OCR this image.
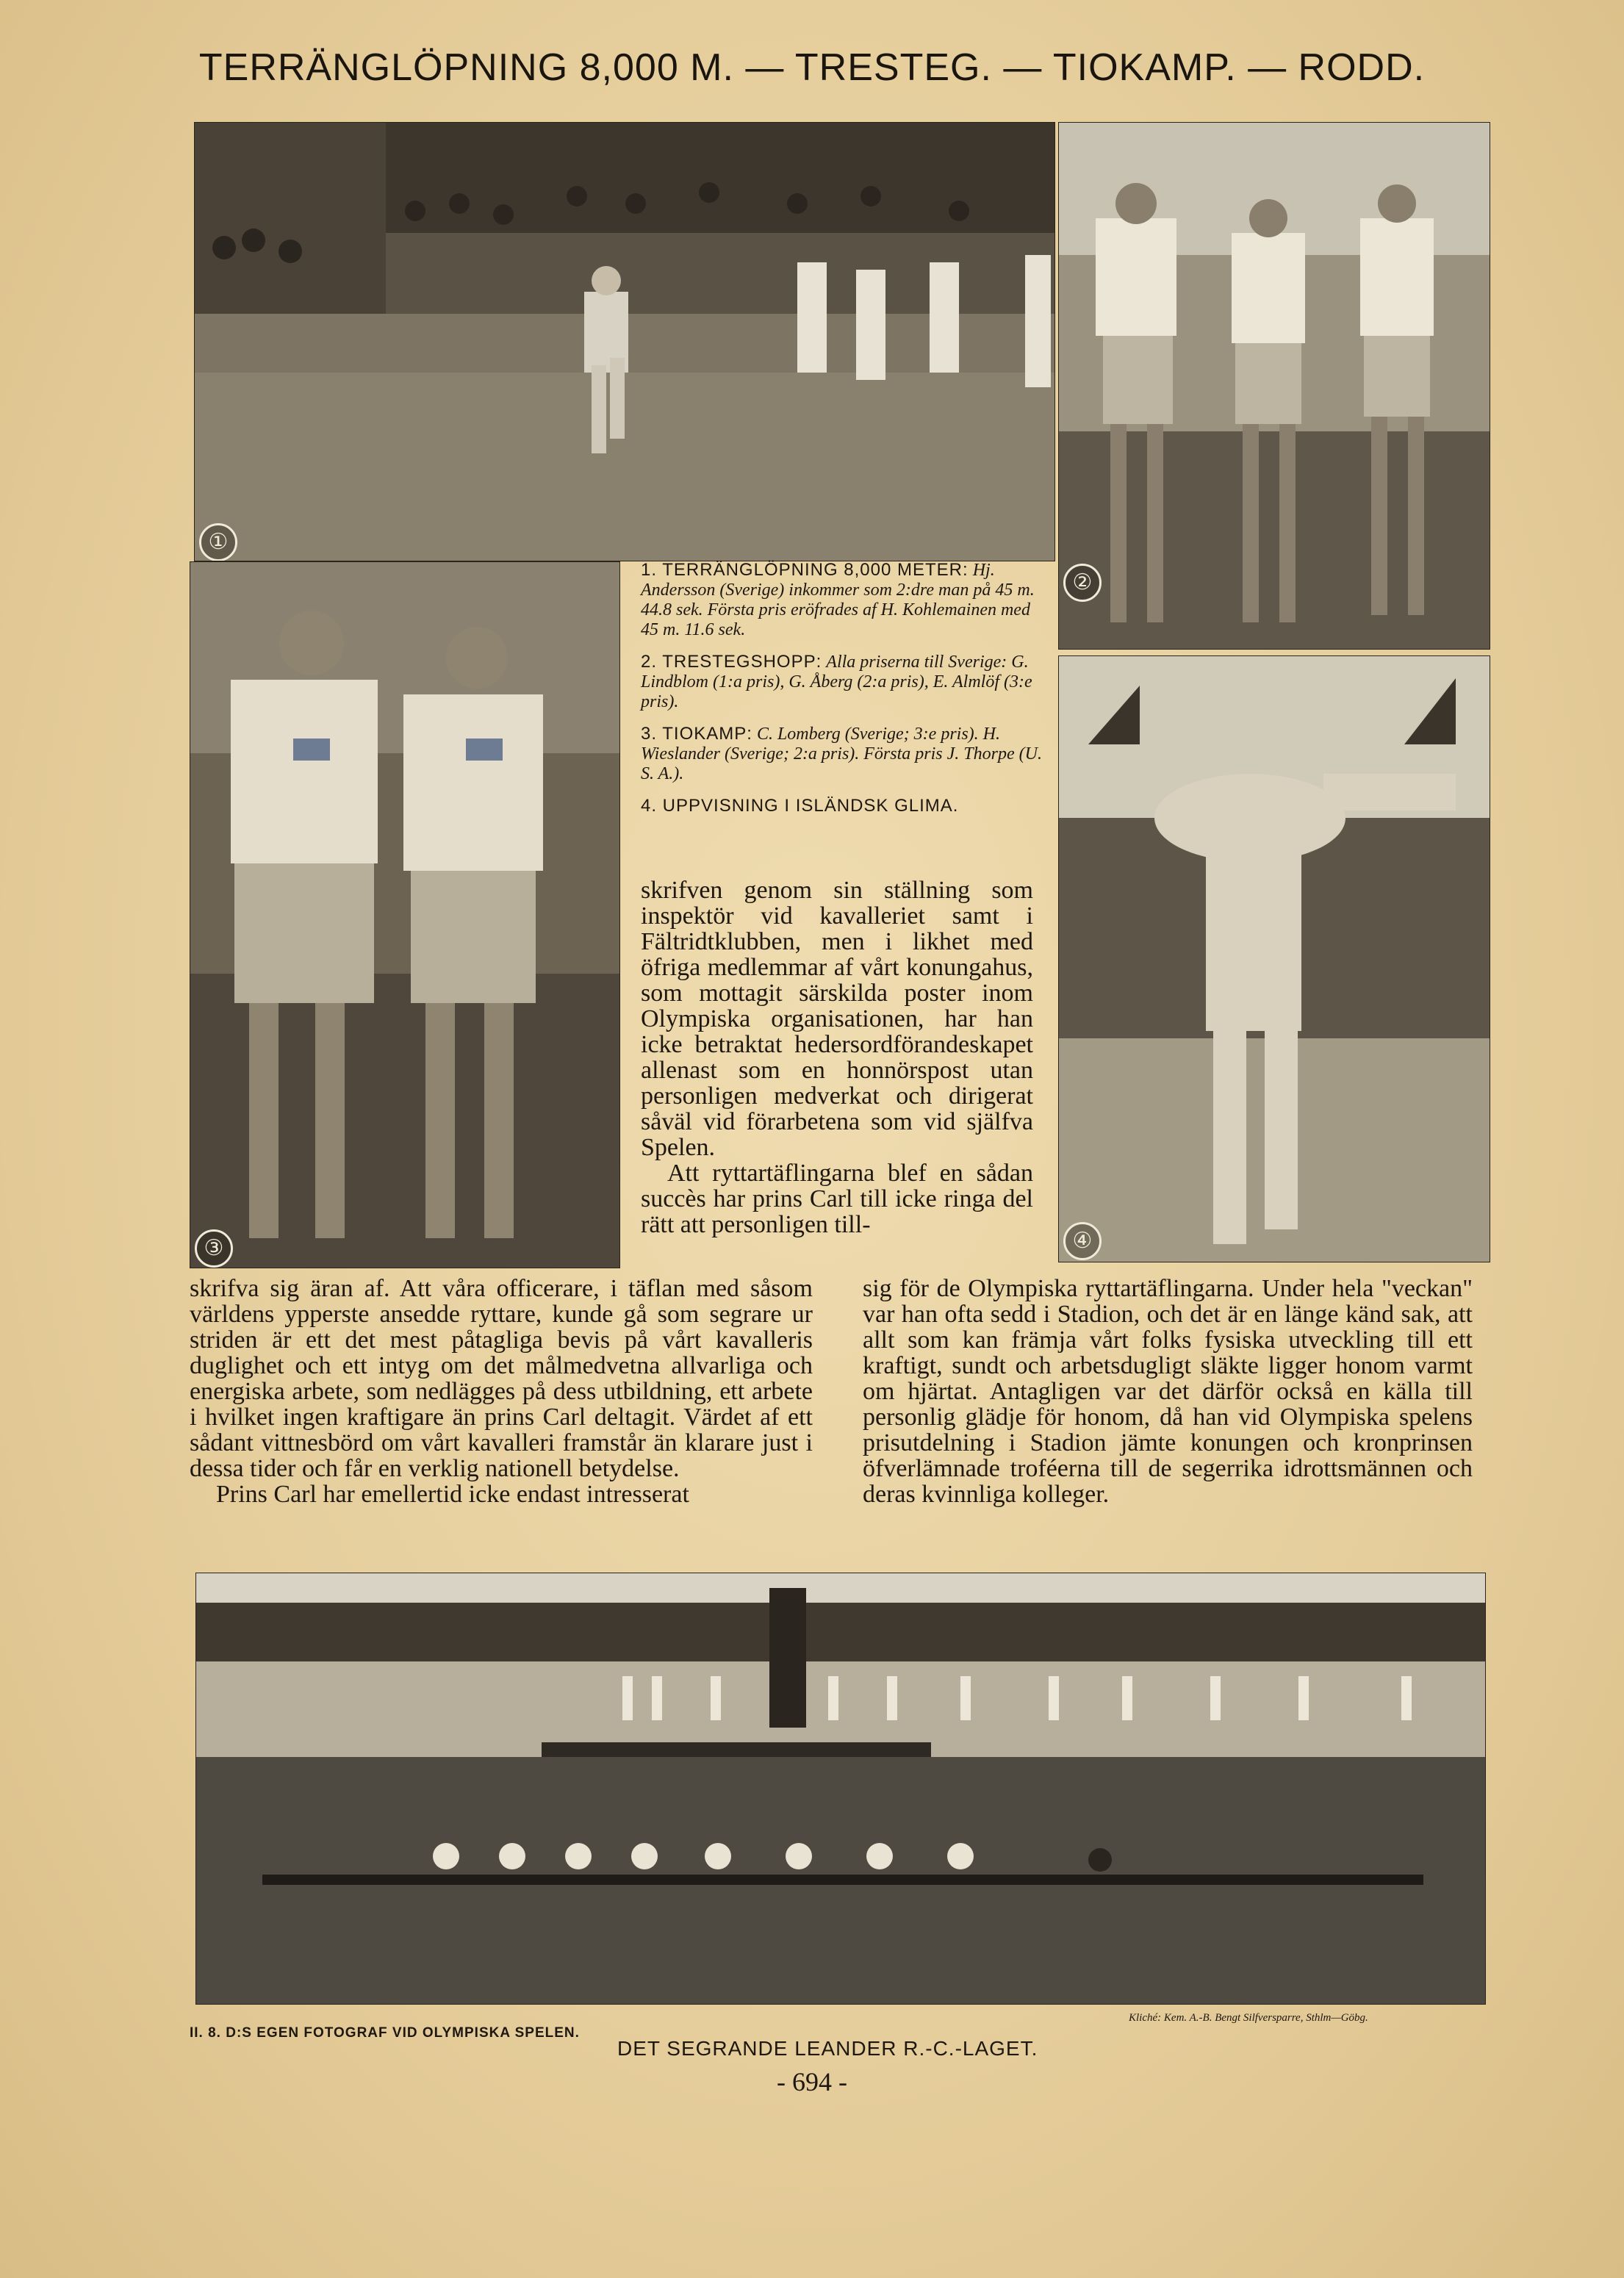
TERRÄNGLÖPNING 8,000 M. — TRESTEG. — TIOKAMP. — RODD.
①
②
③	④
1. TERRÄNGLÖPNING 8,000 METER: Hj. Andersson (Sverige) inkommer som 2:dre man på 45 m. 44.8 sek. Första pris eröfrades af H. Kohlemainen med 45 m. 11.6 sek.
2. TRESTEGSHOPP: Alla priserna till Sverige: G. Lindblom (1:a pris), G. Åberg (2:a pris), E. Almlöf (3:e pris).
3. TIOKAMP: C. Lomberg (Sverige; 3:e pris). H. Wieslander (Sverige; 2:a pris). Första pris J. Thorpe (U. S. A.).
4. UPPVISNING I ISLÄNDSK GLIMA.

skrifven genom sin ställning som inspektör vid kavalleriet samt i Fältridtklubben, men i likhet med öfriga medlemmar af vårt konungahus, som mottagit särskilda poster inom Olympiska organisationen, har han icke betraktat hedersordförandeskapet allenast som en honnörspost utan personligen medverkat och dirigerat såväl vid förarbetena som vid själfva Spelen.

Att ryttartäflingarna blef en sådan succès har prins Carl till icke ringa del rätt att personligen till-

skrifva sig äran af. Att våra officerare, i täflan med såsom världens ypperste ansedde ryttare, kunde gå som segrare ur striden är ett det mest påtagliga bevis på vårt kavalleris duglighet och ett intyg om det målmedvetna allvarliga och energiska arbete, som nedlägges på dess utbildning, ett arbete i hvilket ingen kraftigare än prins Carl deltagit. Värdet af ett sådant vittnesbörd om vårt kavalleri framstår än klarare just i dessa tider och får en verklig nationell betydelse.

Prins Carl har emellertid icke endast intresserat

sig för de Olympiska ryttartäflingarna. Under hela "veckan" var han ofta sedd i Stadion, och det är en länge känd sak, att allt som kan främja vårt folks fysiska utveckling till ett kraftigt, sundt och arbetsdugligt släkte ligger honom varmt om hjärtat. Antagligen var det därför också en källa till personlig glädje för honom, då han vid Olympiska spelens prisutdelning i Stadion jämte konungen och kronprinsen öfverlämnade troféerna till de segerrika idrottsmännen och deras kvinnliga kolleger.

II. 8. D:S EGEN FOTOGRAF VID OLYMPISKA SPELEN.
DET SEGRANDE LEANDER R.-C.-LAGET.
Kliché: Kem. A.-B. Bengt Silfversparre, Sthlm—Göbg.
- 694 -
